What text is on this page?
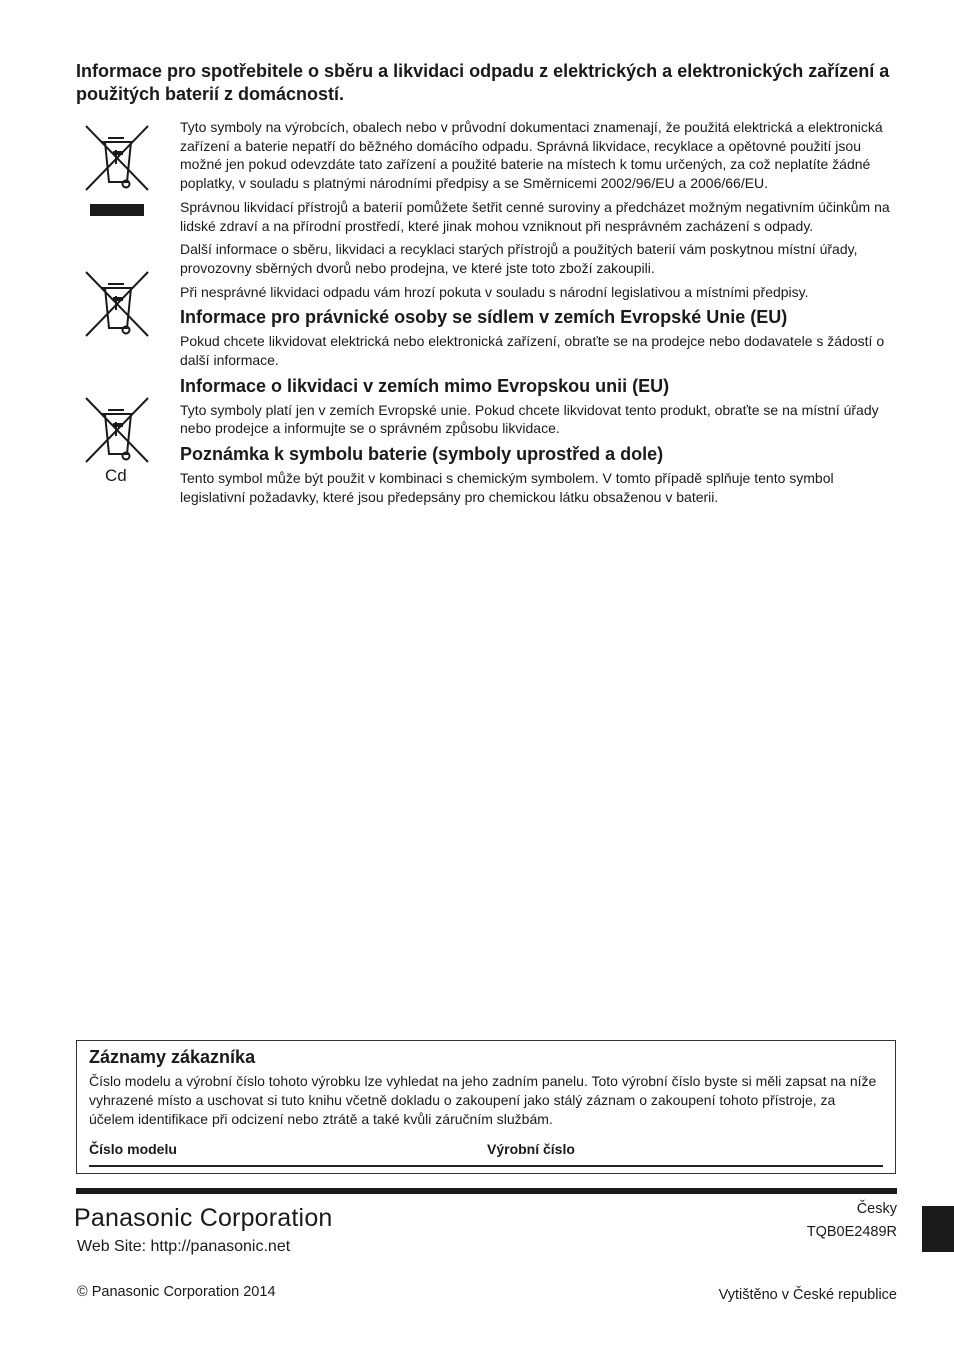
Informace pro spotřebitele o sběru a likvidaci odpadu z elektrických a elektronických zařízení a použitých baterií z domácností.
Cd

Tyto symboly na výrobcích, obalech nebo v průvodní dokumentaci znamenají, že použitá elektrická a elektronická zařízení a baterie nepatří do běžného domácího odpadu. Správná likvidace, recyklace a opětovné použití jsou možné jen pokud odevzdáte tato zařízení a použité baterie na místech k tomu určených, za což neplatíte žádné poplatky, v souladu s platnými národními předpisy a se Směrnicemi 2002/96/EU a 2006/66/EU.

Správnou likvidací přístrojů a baterií pomůžete šetřit cenné suroviny a předcházet možným negativním účinkům na lidské zdraví a na přírodní prostředí, které jinak mohou vzniknout při nesprávném zacházení s odpady.

Další informace o sběru, likvidaci a recyklaci starých přístrojů a použitých baterií vám poskytnou místní úřady, provozovny sběrných dvorů nebo prodejna, ve které jste toto zboží zakoupili.

Při nesprávné likvidaci odpadu vám hrozí pokuta v souladu s národní legislativou a místními předpisy.

Informace pro právnické osoby se sídlem v zemích Evropské Unie (EU)

Pokud chcete likvidovat elektrická nebo elektronická zařízení, obraťte se na prodejce nebo dodavatele s žádostí o další informace.

Informace o likvidaci v zemích mimo Evropskou unii (EU)

Tyto symboly platí jen v zemích Evropské unie. Pokud chcete likvidovat tento produkt, obraťte se na místní úřady nebo prodejce a informujte se o správném způsobu likvidace.

Poznámka k symbolu baterie (symboly uprostřed a dole)

Tento symbol může být použit v kombinaci s chemickým symbolem. V tomto případě splňuje tento symbol legislativní požadavky, které jsou předepsány pro chemickou látku obsaženou v baterii.

Záznamy zákazníka

Číslo modelu a výrobní číslo tohoto výrobku lze vyhledat na jeho zadním panelu. Toto výrobní číslo byste si měli zapsat na níže vyhrazené místo a uschovat si tuto knihu včetně dokladu o zakoupení jako stálý záznam o zakoupení tohoto přístroje, za účelem identifikace při odcizení nebo ztrátě a také kvůli záručním službám.

Číslo modelu	Výrobní číslo
Panasonic Corporation
Web Site: http://panasonic.net
© Panasonic Corporation 2014
Česky
TQB0E2489R
Vytištěno v České republice
